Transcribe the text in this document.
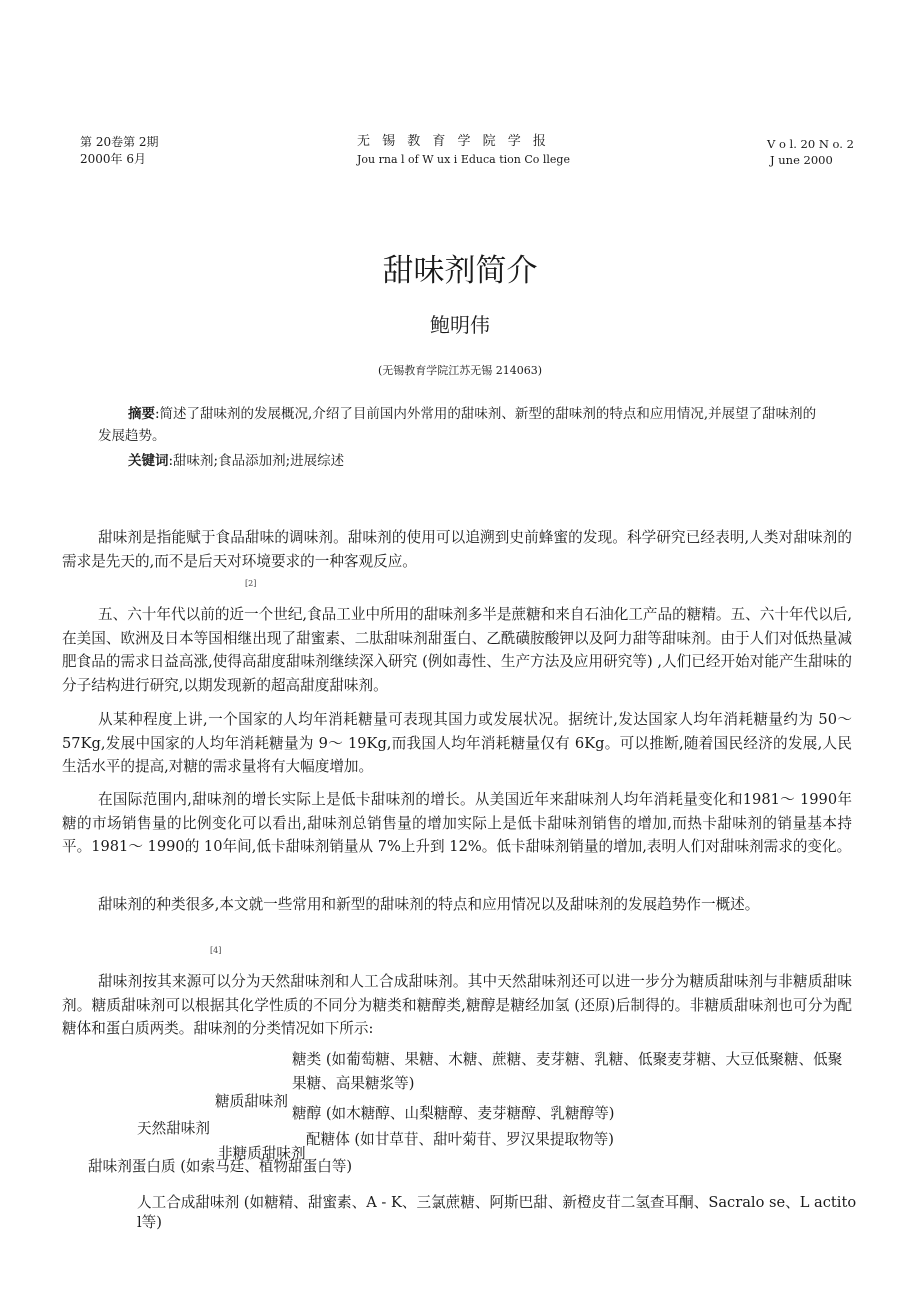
第 20卷第 2期
2000年 6月
无 锡 教 育 学 院 学 报
Jou rna l of W ux i Educa tion Co llege
V o l. 20 N o. 2
J une 2000
甜味剂简介
鲍明伟
(无锡教育学院江苏无锡 214063)
摘要:简述了甜味剂的发展概况,介绍了目前国内外常用的甜味剂、新型的甜味剂的特点和应用情况,并展望了甜味剂的发展趋势。
关键词:甜味剂;食品添加剂;进展综述
甜味剂是指能赋于食品甜味的调味剂。甜味剂的使用可以追溯到史前蜂蜜的发现。科学研究已经表明,人类对甜味剂的需求是先天的,而不是后天对环境要求的一种客观反应。
[2]
五、六十年代以前的近一个世纪,食品工业中所用的甜味剂多半是蔗糖和来自石油化工产品的糖精。五、六十年代以后,在美国、欧洲及日本等国相继出现了甜蜜素、二肽甜味剂甜蛋白、乙酰磺胺酸钾以及阿力甜等甜味剂。由于人们对低热量减肥食品的需求日益高涨,使得高甜度甜味剂继续深入研究 (例如毒性、生产方法及应用研究等) ,人们已经开始对能产生甜味的分子结构进行研究,以期发现新的超高甜度甜味剂。
从某种程度上讲,一个国家的人均年消耗糖量可表现其国力或发展状况。据统计,发达国家人均年消耗糖量约为 50～ 57Kg,发展中国家的人均年消耗糖量为 9～ 19Kg,而我国人均年消耗糖量仅有 6Kg。可以推断,随着国民经济的发展,人民生活水平的提高,对糖的需求量将有大幅度增加。
在国际范围内,甜味剂的增长实际上是低卡甜味剂的增长。从美国近年来甜味剂人均年消耗量变化和1981～ 1990年糖的市场销售量的比例变化可以看出,甜味剂总销售量的增加实际上是低卡甜味剂销售的增加,而热卡甜味剂的销量基本持平。1981～ 1990的 10年间,低卡甜味剂销量从 7%上升到 12%。低卡甜味剂销量的增加,表明人们对甜味剂需求的变化。
甜味剂的种类很多,本文就一些常用和新型的甜味剂的特点和应用情况以及甜味剂的发展趋势作一概述。
[4]
甜味剂按其来源可以分为天然甜味剂和人工合成甜味剂。其中天然甜味剂还可以进一步分为糖质甜味剂与非糖质甜味剂。糖质甜味剂可以根据其化学性质的不同分为糖类和糖醇类,糖醇是糖经加氢 (还原)后制得的。非糖质甜味剂也可分为配糖体和蛋白质两类。甜味剂的分类情况如下所示:
糖类 (如葡萄糖、果糖、木糖、蔗糖、麦芽糖、乳糖、低聚麦芽糖、大豆低聚糖、低聚
果糖、高果糖浆等)
糖质甜味剂
糖醇 (如木糖醇、山梨糖醇、麦芽糖醇、乳糖醇等)
天然甜味剂
配糖体 (如甘草苷、甜叶菊苷、罗汉果提取物等)
非糖质甜味剂
甜味剂蛋白质 (如索马廷、植物甜蛋白等)
人工合成甜味剂 (如糖精、甜蜜素、A - K、三氯蔗糖、阿斯巴甜、新橙皮苷二氢查耳酮、Sacralo se、L actito
l等)
